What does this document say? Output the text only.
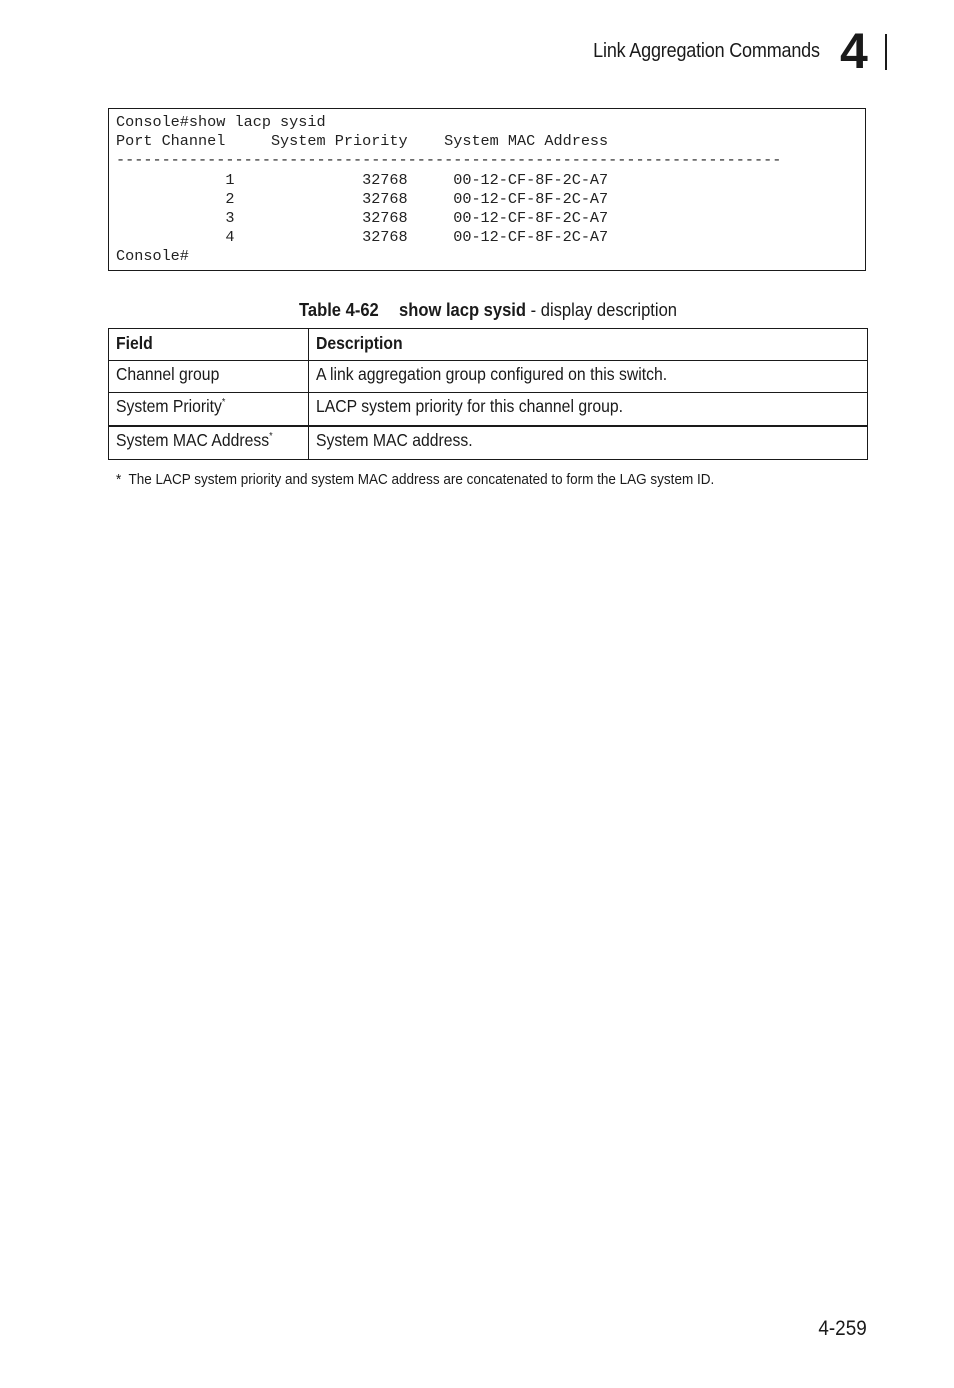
Link Aggregation Commands 4
Console#show lacp sysid
Port Channel     System Priority    System MAC Address
-------------------------------------------------------------------------
1              32768     00-12-CF-8F-2C-A7
2              32768     00-12-CF-8F-2C-A7
3              32768     00-12-CF-8F-2C-A7
4              32768     00-12-CF-8F-2C-A7
Console#
Table 4-62 show lacp sysid - display description
Field	Description
Channel group	A link aggregation group configured on this switch.
System Priority*	LACP system priority for this channel group.
System MAC Address*	System MAC address.
* The LACP system priority and system MAC address are concatenated to form the LAG system ID.
4-259
